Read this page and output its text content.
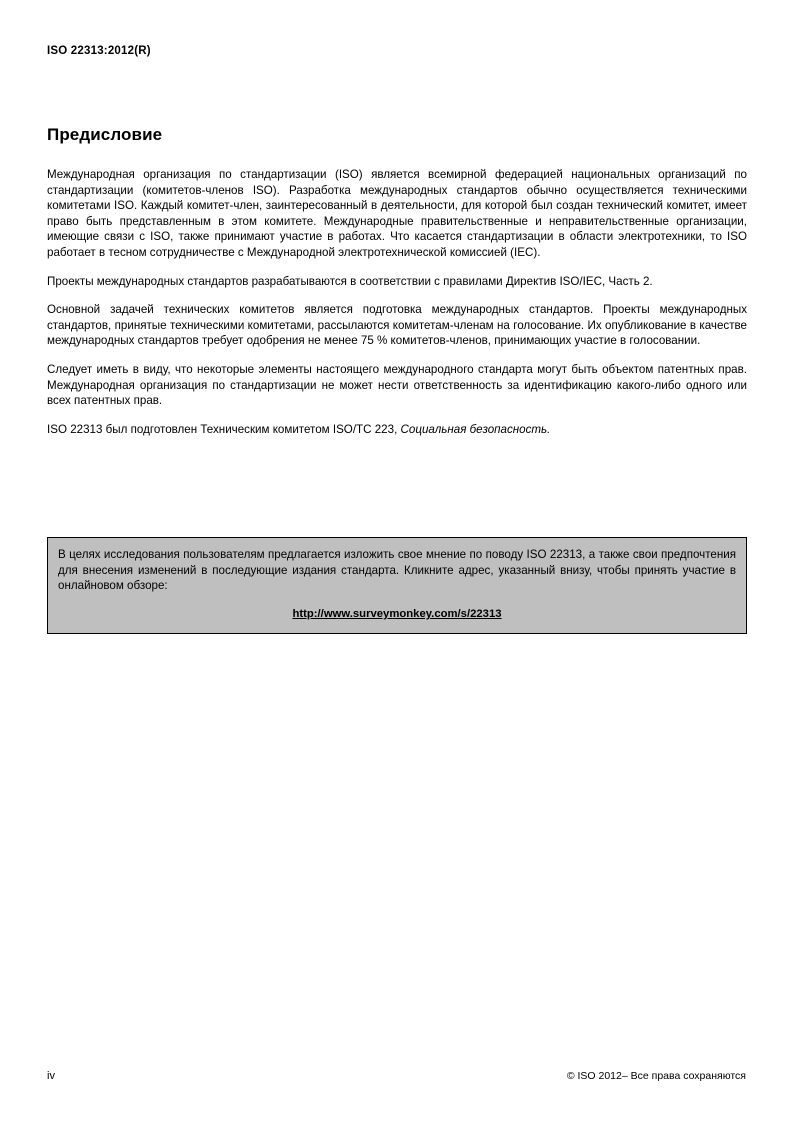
ISO 22313:2012(R)
Предисловие

Международная организация по стандартизации (ISO) является всемирной федерацией национальных организаций по стандартизации (комитетов-членов ISO). Разработка международных стандартов обычно осуществляется техническими комитетами ISO. Каждый комитет-член, заинтересованный в деятельности, для которой был создан технический комитет, имеет право быть представленным в этом комитете. Международные правительственные и неправительственные организации, имеющие связи с ISO, также принимают участие в работах. Что касается стандартизации в области электротехники, то ISO работает в тесном сотрудничестве с Международной электротехнической комиссией (IEC).

Проекты международных стандартов разрабатываются в соответствии с правилами Директив ISO/IEC, Часть 2.

Основной задачей технических комитетов является подготовка международных стандартов. Проекты международных стандартов, принятые техническими комитетами, рассылаются комитетам-членам на голосование. Их опубликование в качестве международных стандартов требует одобрения не менее 75 % комитетов-членов, принимающих участие в голосовании.

Следует иметь в виду, что некоторые элементы настоящего международного стандарта могут быть объектом патентных прав. Международная организация по стандартизации не может нести ответственность за идентификацию какого-либо одного или всех патентных прав.

ISO 22313 был подготовлен Техническим комитетом ISO/TC 223, Социальная безопасность.

В целях исследования пользователям предлагается изложить свое мнение по поводу ISO 22313, а также свои предпочтения для внесения изменений в последующие издания стандарта. Кликните адрес, указанный внизу, чтобы принять участие в онлайновом обзоре:

http://www.surveymonkey.com/s/22313
iv	© ISO 2012– Все права сохраняются
